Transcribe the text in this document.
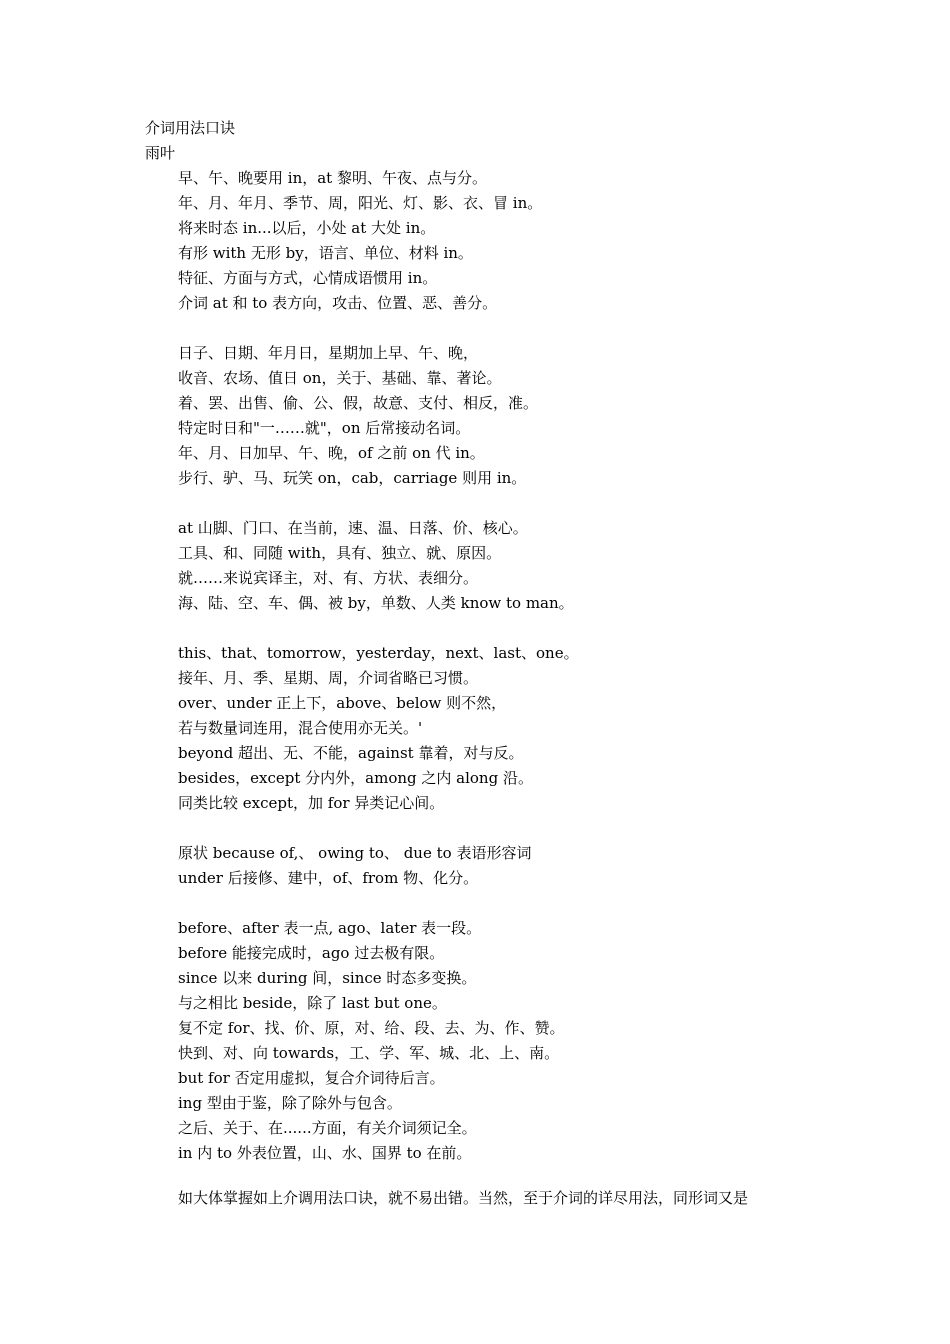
介词用法口诀
雨叶
早、午、晚要用 in，at 黎明、午夜、点与分。
年、月、年月、季节、周，阳光、灯、影、衣、冒 in。
将来时态 in...以后，小处 at 大处 in。
有形 with 无形 by，语言、单位、材料 in。
特征、方面与方式，心情成语惯用 in。
介词 at 和 to 表方向，攻击、位置、恶、善分。
日子、日期、年月日，星期加上早、午、晚，
收音、农场、值日 on，关于、基础、靠、著论。
着、罢、出售、偷、公、假，故意、支付、相反，准。
特定时日和"一……就"，on 后常接动名词。
年、月、日加早、午、晚，of 之前 on 代 in。
步行、驴、马、玩笑 on，cab，carriage 则用 in。
at 山脚、门口、在当前，速、温、日落、价、核心。
工具、和、同随 with，具有、独立、就、原因。
就……来说宾译主，对、有、方状、表细分。
海、陆、空、车、偶、被 by，单数、人类 know to man。
this、that、tomorrow，yesterday，next、last、one。
接年、月、季、星期、周，介词省略已习惯。
over、under 正上下，above、below 则不然，
若与数量词连用，混合使用亦无关。'
beyond 超出、无、不能，against 靠着，对与反。
besides，except 分内外，among 之内 along 沿。
同类比较 except，加 for 异类记心间。
原状 because of,、 owing to、 due to 表语形容词
under 后接修、建中，of、from 物、化分。
before、after 表一点, ago、later 表一段。
before 能接完成时，ago 过去极有限。
since 以来 during 间，since 时态多变换。
与之相比 beside，除了 last but one。
复不定 for、找、价、原，对、给、段、去、为、作、赞。
快到、对、向 towards，工、学、军、城、北、上、南。
but for 否定用虚拟，复合介词待后言。
ing 型由于鉴，除了除外与包含。
之后、关于、在......方面，有关介词须记全。
in 内 to 外表位置，山、水、国界 to 在前。
如大体掌握如上介调用法口诀，就不易出错。当然，至于介词的详尽用法，同形词又是
